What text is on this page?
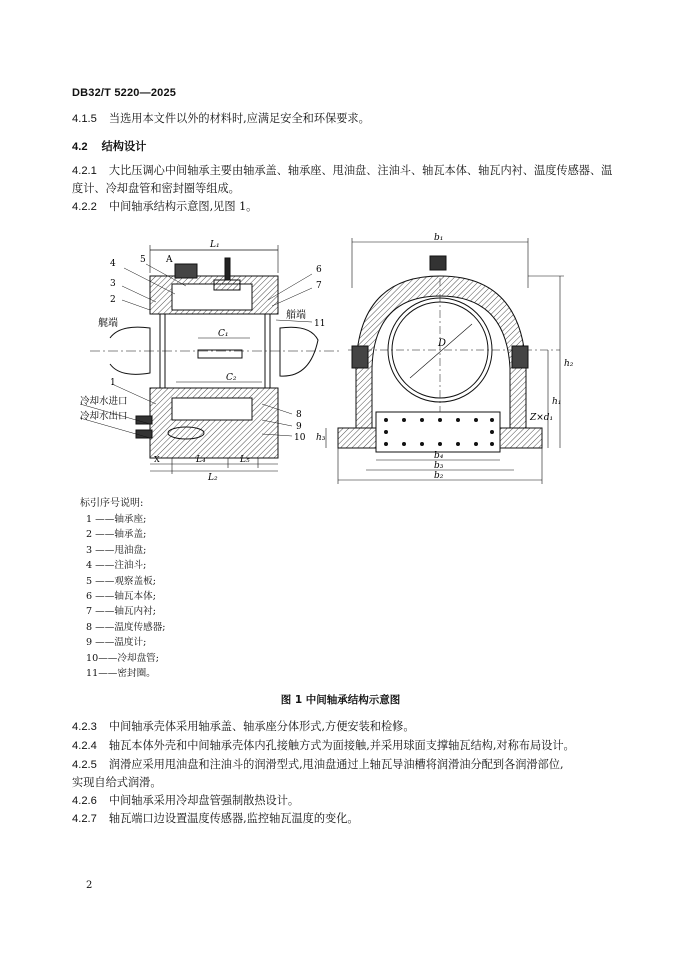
DB32/T 5220—2025
4.1.5 当选用本文件以外的材料时,应满足安全和环保要求。
4.2 结构设计
4.2.1 大比压调心中间轴承主要由轴承盖、轴承座、甩油盘、注油斗、轴瓦本体、轴瓦内衬、温度传感器、温
度计、冷却盘管和密封圈等组成。
4.2.2 中间轴承结构示意图,见图 1。
L₁
A
C₁
C₂
L₄	L₅
L₂
X
艉端
艏端
冷却水进口
冷却水出口
4	5
3
2
1
6
7
11
8
9
10
b₁
D
h₂
h₁
h₃
Z×d₁
b₄
b₃
b₂
标引序号说明:
1 ——轴承座;
2 ——轴承盖;
3 ——甩油盘;
4 ——注油斗;
5 ——观察盖板;
6 ——轴瓦本体;
7 ——轴瓦内衬;
8 ——温度传感器;
9 ——温度计;
10——冷却盘管;
11——密封圈。
图 1 中间轴承结构示意图
4.2.3 中间轴承壳体采用轴承盖、轴承座分体形式,方便安装和检修。
4.2.4 轴瓦本体外壳和中间轴承壳体内孔接触方式为面接触,并采用球面支撑轴瓦结构,对称布局设计。
4.2.5 润滑应采用甩油盘和注油斗的润滑型式,甩油盘通过上轴瓦导油槽将润滑油分配到各润滑部位,
实现自给式润滑。
4.2.6 中间轴承采用冷却盘管强制散热设计。
4.2.7 轴瓦端口边设置温度传感器,监控轴瓦温度的变化。
2
